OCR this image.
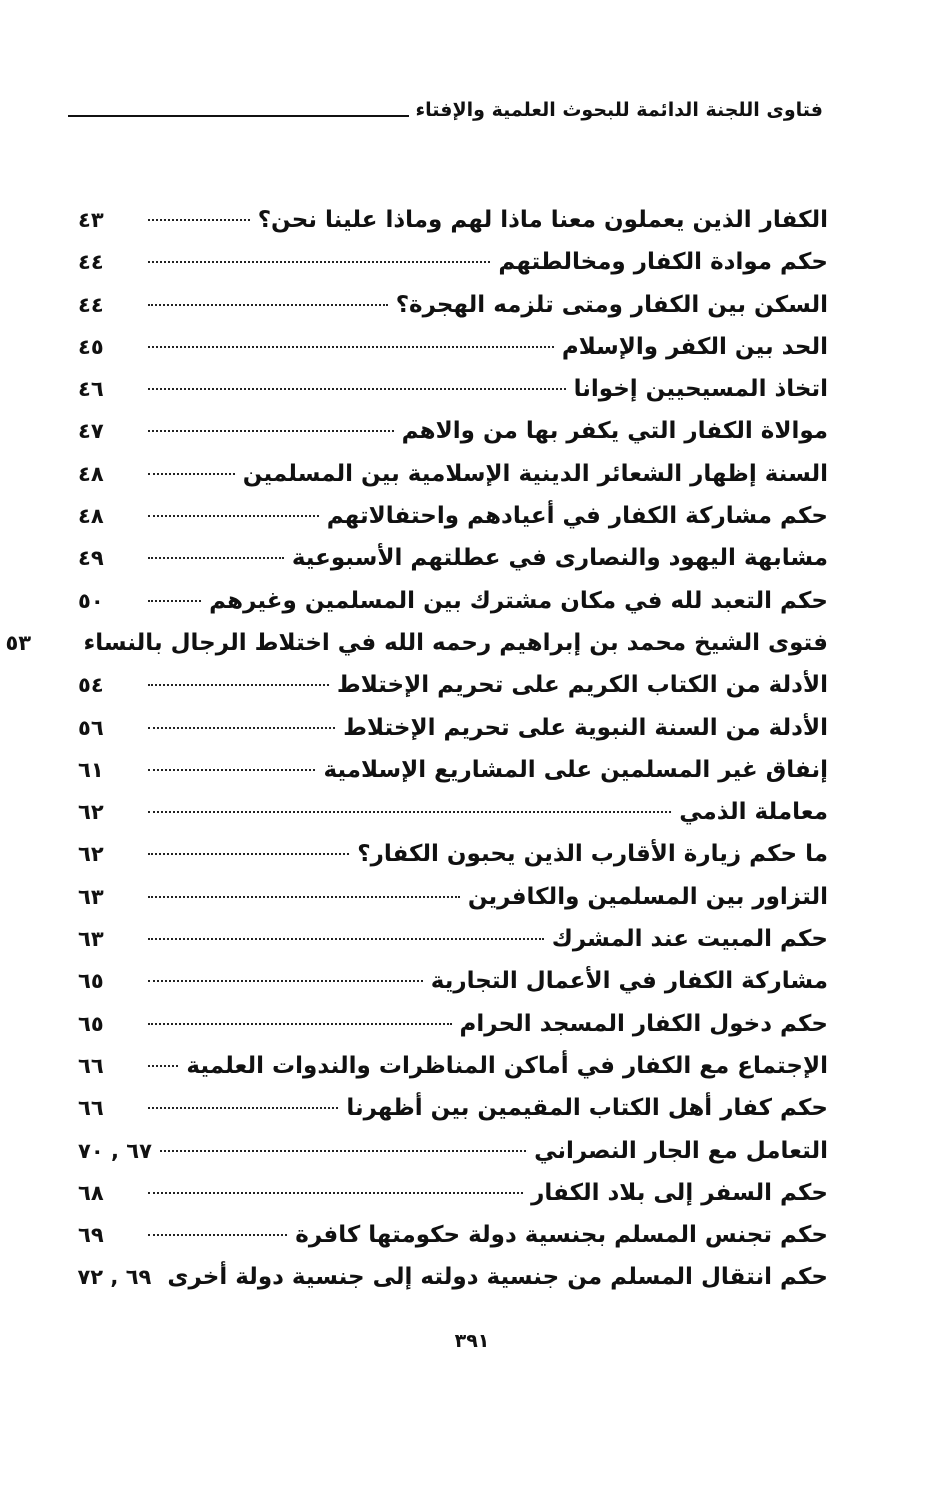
فتاوى اللجنة الدائمة للبحوث العلمية والإفتاء
الكفار الذين يعملون معنا ماذا لهم وماذا علينا نحن؟
٤٣
حكم موادة الكفار ومخالطتهم
٤٤
السكن بين الكفار ومتى تلزمه الهجرة؟
٤٤
الحد بين الكفر والإسلام
٤٥
اتخاذ المسيحيين إخوانا
٤٦
موالاة الكفار التي يكفر بها من والاهم
٤٧
السنة إظهار الشعائر الدينية الإسلامية بين المسلمين
٤٨
حكم مشاركة الكفار في أعيادهم واحتفالاتهم
٤٨
مشابهة اليهود والنصارى في عطلتهم الأسبوعية
٤٩
حكم التعبد لله في مكان مشترك بين المسلمين وغيرهم
٥٠
فتوى الشيخ محمد بن إبراهيم رحمه الله في اختلاط الرجال بالنساء
٥٣
الأدلة من الكتاب الكريم على تحريم الإختلاط
٥٤
الأدلة من السنة النبوية على تحريم الإختلاط
٥٦
إنفاق غير المسلمين على المشاريع الإسلامية
٦١
معاملة الذمي
٦٢
ما حكم زيارة الأقارب الذين يحبون الكفار؟
٦٢
التزاور بين المسلمين والكافرين
٦٣
حكم المبيت عند المشرك
٦٣
مشاركة الكفار في الأعمال التجارية
٦٥
حكم دخول الكفار المسجد الحرام
٦٥
الإجتماع مع الكفار في أماكن المناظرات والندوات العلمية
٦٦
حكم كفار أهل الكتاب المقيمين بين أظهرنا
٦٦
التعامل مع الجار النصراني
٦٧ , ٧٠
حكم السفر إلى بلاد الكفار
٦٨
حكم تجنس المسلم بجنسية دولة حكومتها كافرة
٦٩
حكم انتقال المسلم من جنسية دولته إلى جنسية دولة أخرى
٦٩ , ٧٢
٣٩١
